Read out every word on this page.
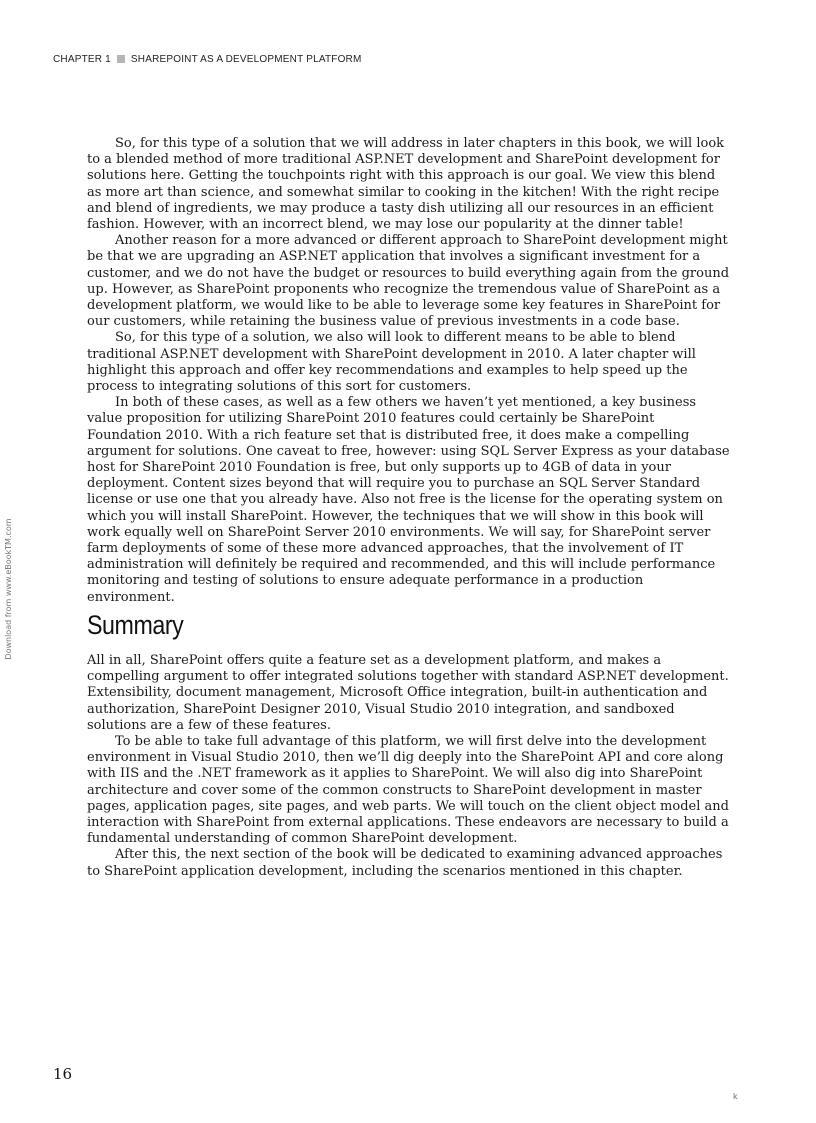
CHAPTER 1 SHAREPOINT AS A DEVELOPMENT PLATFORM
Download from www.eBookTM.com

So, for this type of a solution that we will address in later chapters in this book, we will look to a blended method of more traditional ASP.NET development and SharePoint development for solutions here. Getting the touchpoints right with this approach is our goal. We view this blend as more art than science, and somewhat similar to cooking in the kitchen! With the right recipe and blend of ingredients, we may produce a tasty dish utilizing all our resources in an efficient fashion. However, with an incorrect blend, we may lose our popularity at the dinner table!

Another reason for a more advanced or different approach to SharePoint development might be that we are upgrading an ASP.NET application that involves a significant investment for a customer, and we do not have the budget or resources to build everything again from the ground up. However, as SharePoint proponents who recognize the tremendous value of SharePoint as a development platform, we would like to be able to leverage some key features in SharePoint for our customers, while retaining the business value of previous investments in a code base.

So, for this type of a solution, we also will look to different means to be able to blend traditional ASP.NET development with SharePoint development in 2010. A later chapter will highlight this approach and offer key recommendations and examples to help speed up the process to integrating solutions of this sort for customers.

In both of these cases, as well as a few others we haven’t yet mentioned, a key business value proposition for utilizing SharePoint 2010 features could certainly be SharePoint Foundation 2010. With a rich feature set that is distributed free, it does make a compelling argument for solutions. One caveat to free, however: using SQL Server Express as your database host for SharePoint 2010 Foundation is free, but only supports up to 4GB of data in your deployment. Content sizes beyond that will require you to purchase an SQL Server Standard license or use one that you already have. Also not free is the license for the operating system on which you will install SharePoint. However, the techniques that we will show in this book will work equally well on SharePoint Server 2010 environments. We will say, for SharePoint server farm deployments of some of these more advanced approaches, that the involvement of IT administration will definitely be required and recommended, and this will include performance monitoring and testing of solutions to ensure adequate performance in a production environment.

Summary

All in all, SharePoint offers quite a feature set as a development platform, and makes a compelling argument to offer integrated solutions together with standard ASP.NET development. Extensibility, document management, Microsoft Office integration, built-in authentication and authorization, SharePoint Designer 2010, Visual Studio 2010 integration, and sandboxed solutions are a few of these features.

To be able to take full advantage of this platform, we will first delve into the development environment in Visual Studio 2010, then we’ll dig deeply into the SharePoint API and core along with IIS and the .NET framework as it applies to SharePoint. We will also dig into SharePoint architecture and cover some of the common constructs to SharePoint development in master pages, application pages, site pages, and web parts. We will touch on the client object model and interaction with SharePoint from external applications. These endeavors are necessary to build a fundamental understanding of common SharePoint development.

After this, the next section of the book will be dedicated to examining advanced approaches to SharePoint application development, including the scenarios mentioned in this chapter.

16
k
